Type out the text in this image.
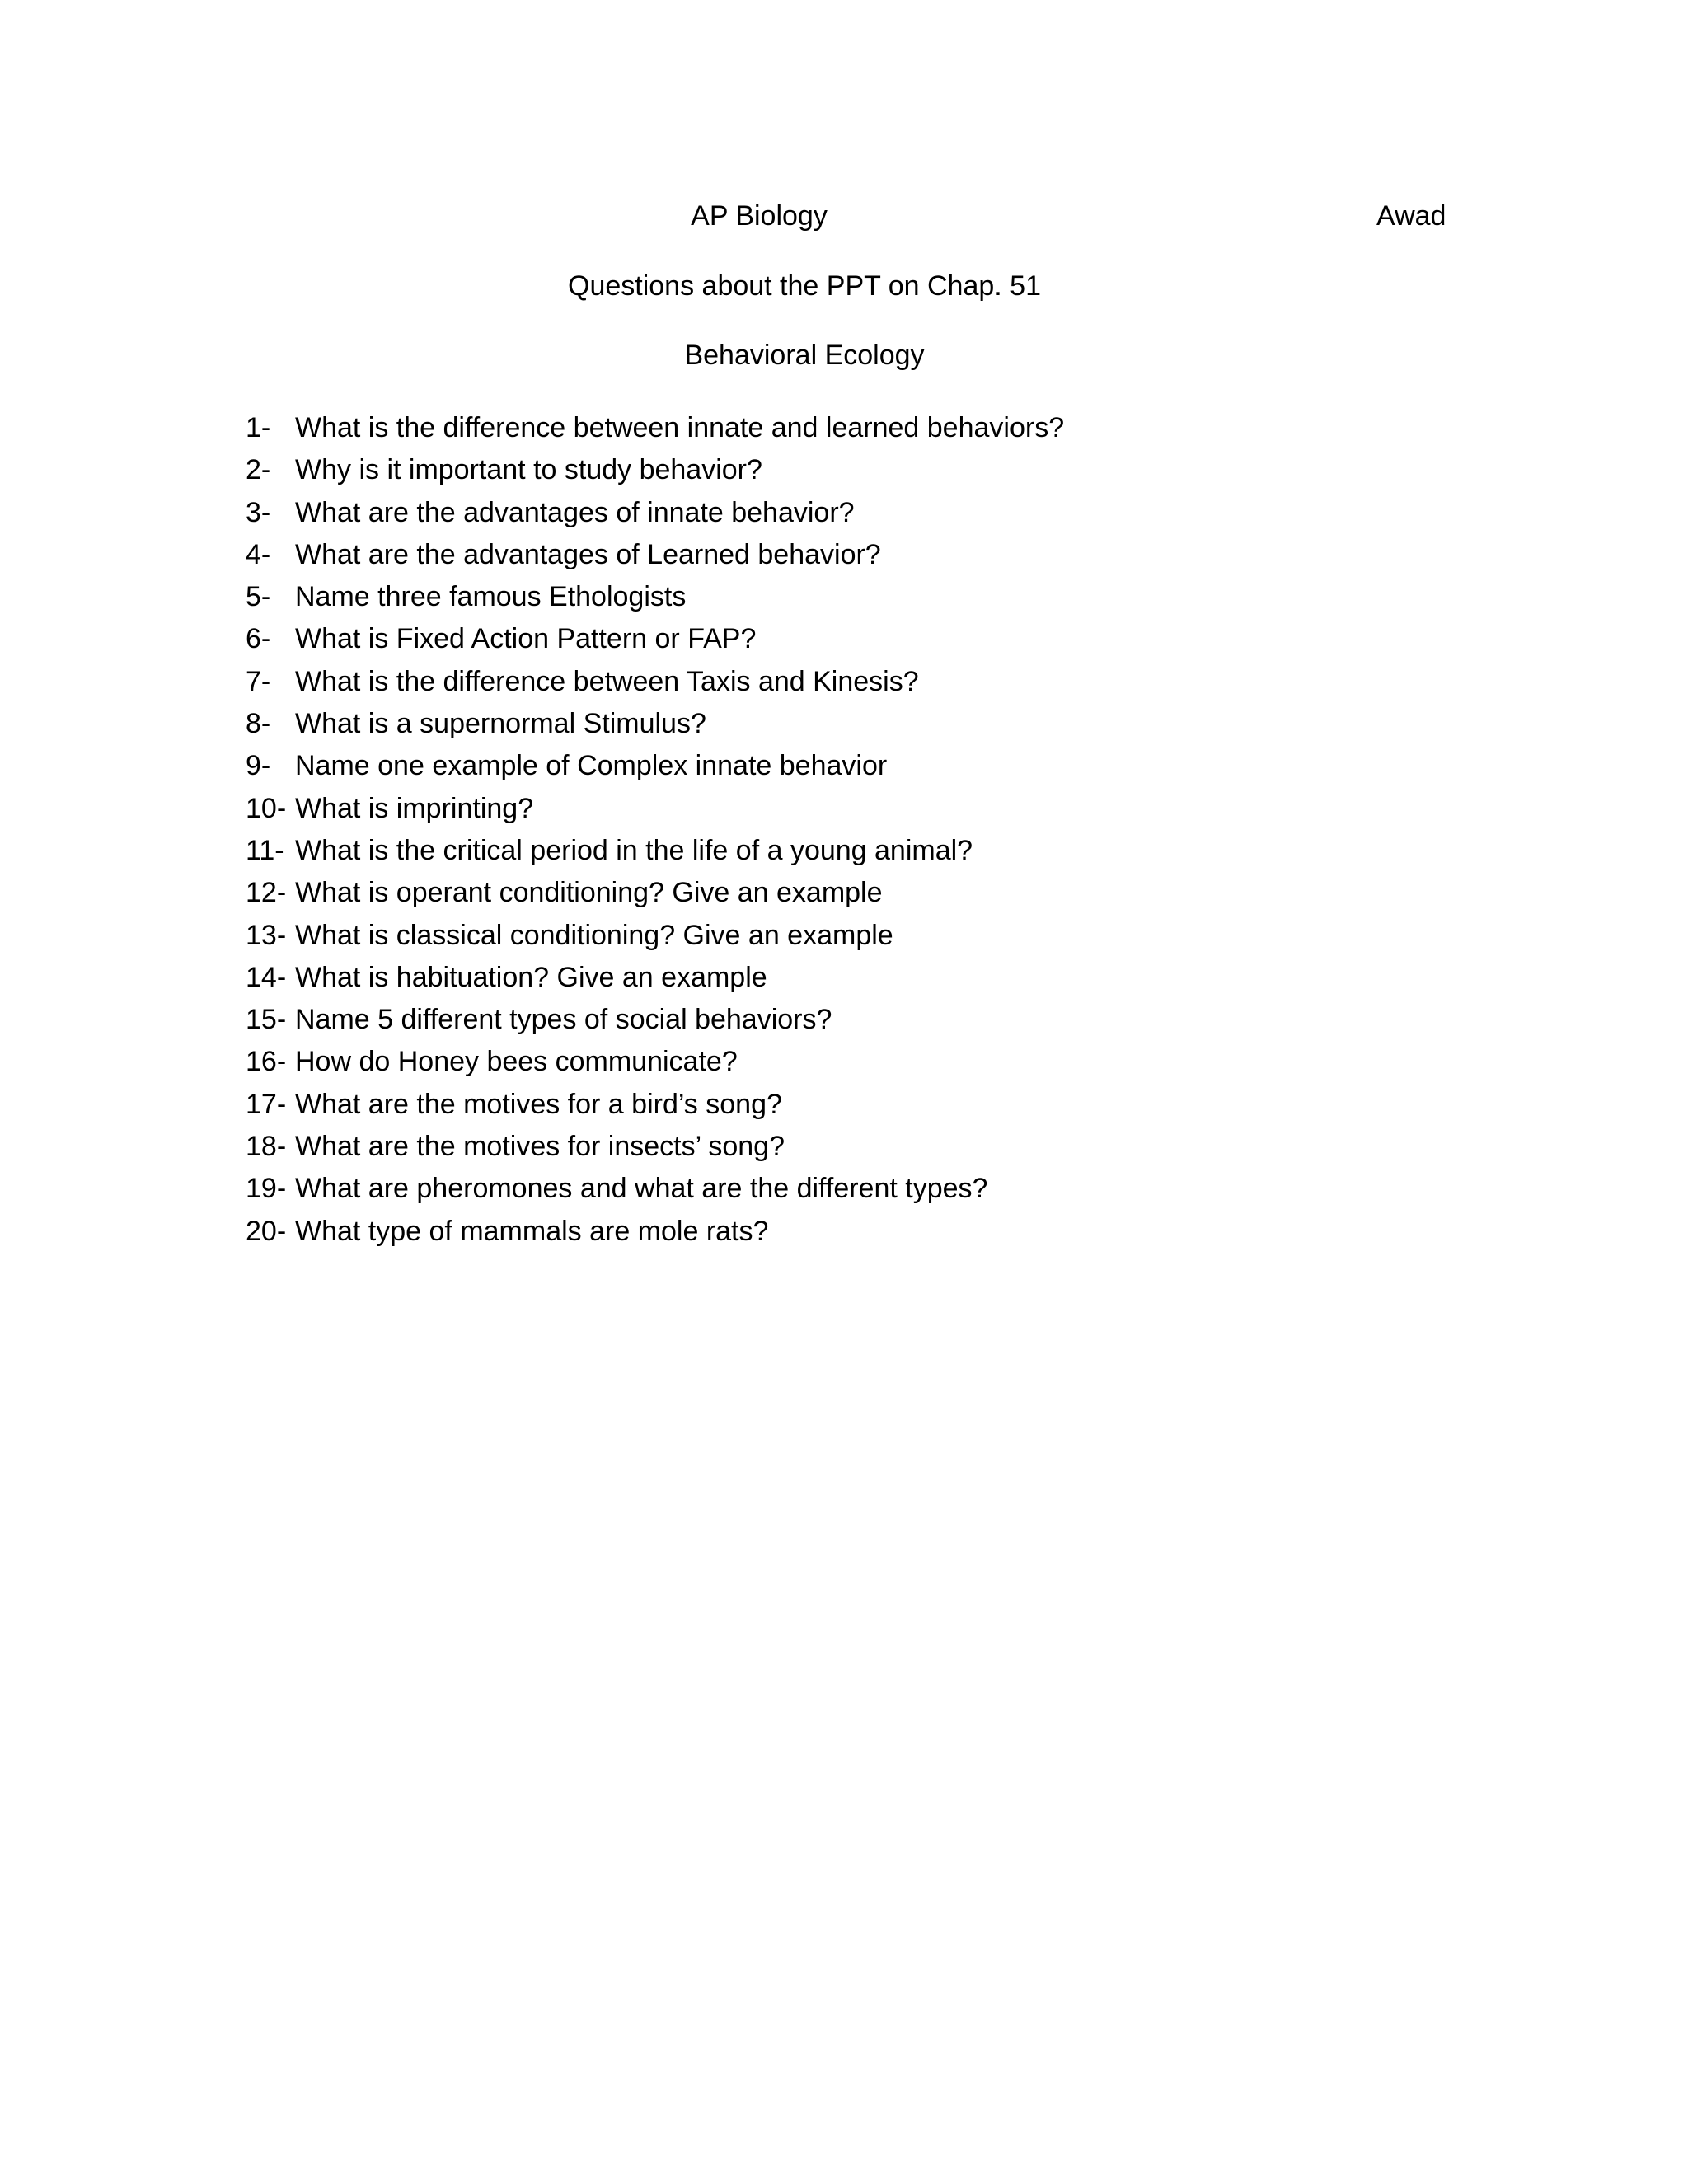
AP Biology	Awad
Questions about the PPT on Chap. 51
Behavioral Ecology
1- What is the difference between innate and learned behaviors?
2- Why is it important to study behavior?
3- What are the advantages of innate behavior?
4- What are the advantages of Learned behavior?
5- Name three famous Ethologists
6- What is Fixed Action Pattern or FAP?
7- What is the difference between Taxis and Kinesis?
8- What is a supernormal Stimulus?
9- Name one example of Complex innate behavior
10- What is imprinting?
11- What is the critical period in the life of a young animal?
12- What is operant conditioning? Give an example
13- What is classical conditioning? Give an example
14- What is habituation? Give an example
15- Name 5 different types of social behaviors?
16- How do Honey bees communicate?
17- What are the motives for a bird’s song?
18- What are the motives for insects’ song?
19- What are pheromones and what are the different types?
20- What type of mammals are mole rats?
